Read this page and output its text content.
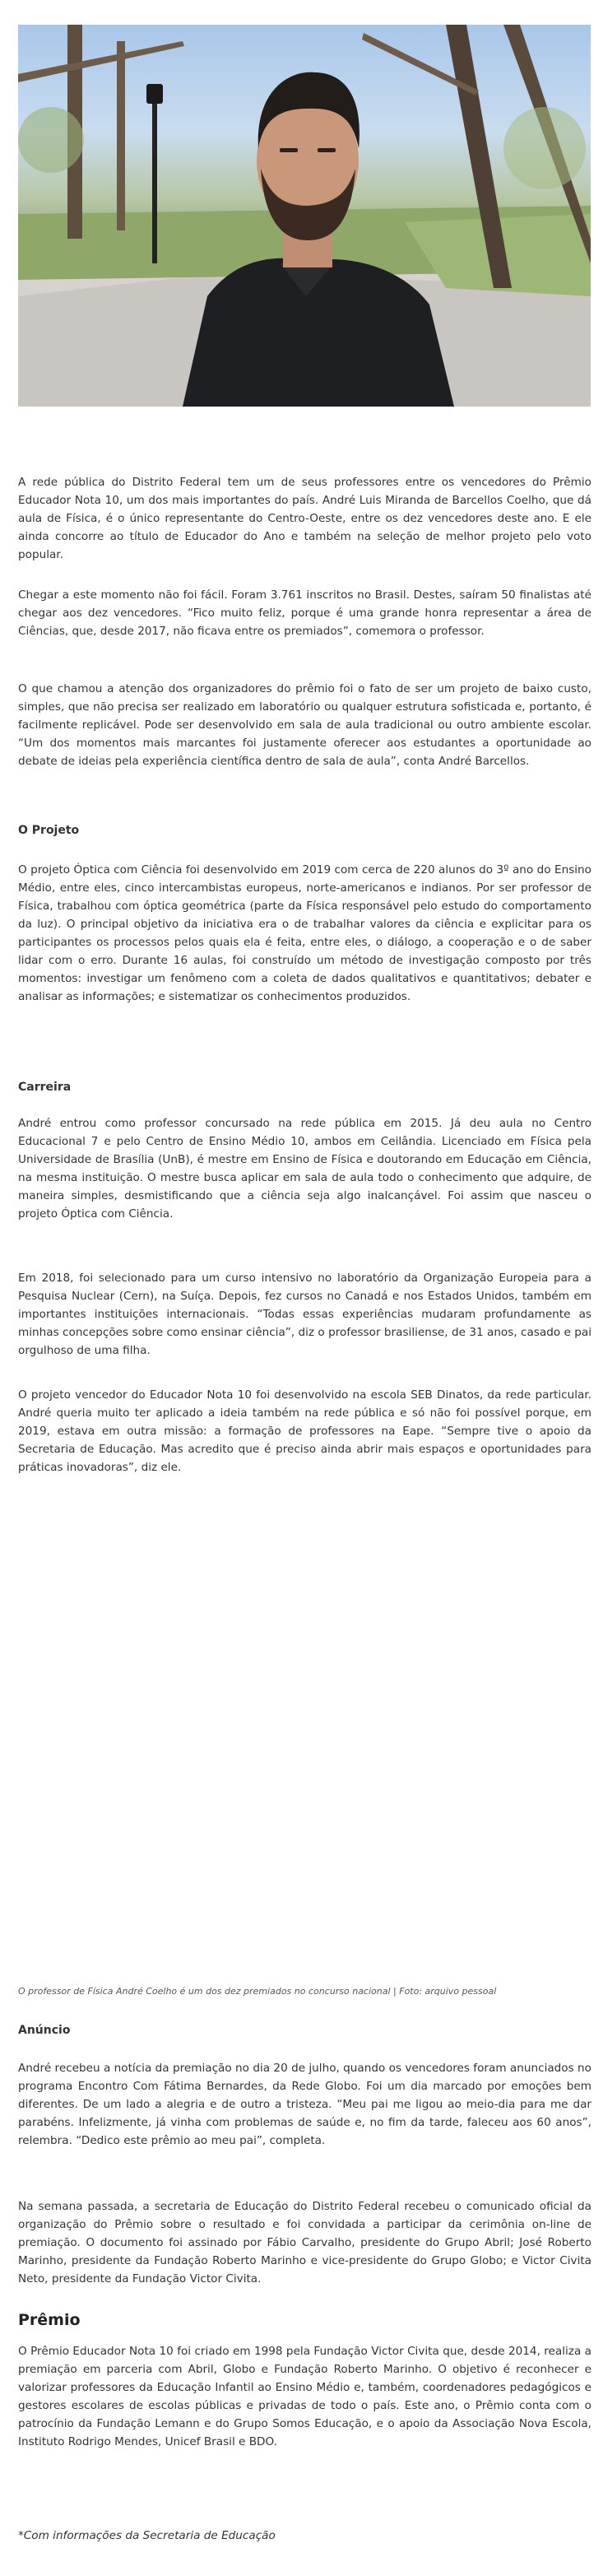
A rede pública do Distrito Federal tem um de seus professores entre os vencedores do Prêmio Educador Nota 10, um dos mais importantes do país. André Luis Miranda de Barcellos Coelho, que dá aula de Física, é o único representante do Centro-Oeste, entre os dez vencedores deste ano. E ele ainda concorre ao título de Educador do Ano e também na seleção de melhor projeto pelo voto popular.

Chegar a este momento não foi fácil. Foram 3.761 inscritos no Brasil. Destes, saíram 50 finalistas até chegar aos dez vencedores. “Fico muito feliz, porque é uma grande honra representar a área de Ciências, que, desde 2017, não ficava entre os premiados”, comemora o professor.

O que chamou a atenção dos organizadores do prêmio foi o fato de ser um projeto de baixo custo, simples, que não precisa ser realizado em laboratório ou qualquer estrutura sofisticada e, portanto, é facilmente replicável. Pode ser desenvolvido em sala de aula tradicional ou outro ambiente escolar. “Um dos momentos mais marcantes foi justamente oferecer aos estudantes a oportunidade ao debate de ideias pela experiência científica dentro de sala de aula”, conta André Barcellos.

O Projeto

O projeto Óptica com Ciência foi desenvolvido em 2019 com cerca de 220 alunos do 3º ano do Ensino Médio, entre eles, cinco intercambistas europeus, norte-americanos e indianos. Por ser professor de Física, trabalhou com óptica geométrica (parte da Física responsável pelo estudo do comportamento da luz). O principal objetivo da iniciativa era o de trabalhar valores da ciência e explicitar para os participantes os processos pelos quais ela é feita, entre eles, o diálogo, a cooperação e o de saber lidar com o erro. Durante 16 aulas, foi construído um método de investigação composto por três momentos: investigar um fenômeno com a coleta de dados qualitativos e quantitativos; debater e analisar as informações; e sistematizar os conhecimentos produzidos.

Carreira

André entrou como professor concursado na rede pública em 2015. Já deu aula no Centro Educacional 7 e pelo Centro de Ensino Médio 10, ambos em Ceilândia. Licenciado em Física pela Universidade de Brasília (UnB), é mestre em Ensino de Física e doutorando em Educação em Ciência, na mesma instituição. O mestre busca aplicar em sala de aula todo o conhecimento que adquire, de maneira simples, desmistificando que a ciência seja algo inalcançável. Foi assim que nasceu o projeto Óptica com Ciência.

Em 2018, foi selecionado para um curso intensivo no laboratório da Organização Europeia para a Pesquisa Nuclear (Cern), na Suíça. Depois, fez cursos no Canadá e nos Estados Unidos, também em importantes instituições internacionais. “Todas essas experiências mudaram profundamente as minhas concepções sobre como ensinar ciência”, diz o professor brasiliense, de 31 anos, casado e pai orgulhoso de uma filha.

O projeto vencedor do Educador Nota 10 foi desenvolvido na escola SEB Dinatos, da rede particular. André queria muito ter aplicado a ideia também na rede pública e só não foi possível porque, em 2019, estava em outra missão: a formação de professores na Eape. “Sempre tive o apoio da Secretaria de Educação. Mas acredito que é preciso ainda abrir mais espaços e oportunidades para práticas inovadoras”, diz ele.

O professor de Física André Coelho é um dos dez premiados no concurso nacional | Foto: arquivo pessoal

Anúncio

André recebeu a notícia da premiação no dia 20 de julho, quando os vencedores foram anunciados no programa Encontro Com Fátima Bernardes, da Rede Globo. Foi um dia marcado por emoções bem diferentes. De um lado a alegria e de outro a tristeza. “Meu pai me ligou ao meio-dia para me dar parabéns. Infelizmente, já vinha com problemas de saúde e, no fim da tarde, faleceu aos 60 anos”, relembra. “Dedico este prêmio ao meu pai”, completa.

Na semana passada, a secretaria de Educação do Distrito Federal recebeu o comunicado oficial da organização do Prêmio sobre o resultado e foi convidada a participar da cerimônia on-line de premiação. O documento foi assinado por Fábio Carvalho, presidente do Grupo Abril; José Roberto Marinho, presidente da Fundação Roberto Marinho e vice-presidente do Grupo Globo; e Victor Civita Neto, presidente da Fundação Victor Civita.

Prêmio

O Prêmio Educador Nota 10 foi criado em 1998 pela Fundação Victor Civita que, desde 2014, realiza a premiação em parceria com Abril, Globo e Fundação Roberto Marinho. O objetivo é reconhecer e valorizar professores da Educação Infantil ao Ensino Médio e, também, coordenadores pedagógicos e gestores escolares de escolas públicas e privadas de todo o país. Este ano, o Prêmio conta com o patrocínio da Fundação Lemann e do Grupo Somos Educação, e o apoio da Associação Nova Escola, Instituto Rodrigo Mendes, Unicef Brasil e BDO.

*Com informações da Secretaria de Educação
